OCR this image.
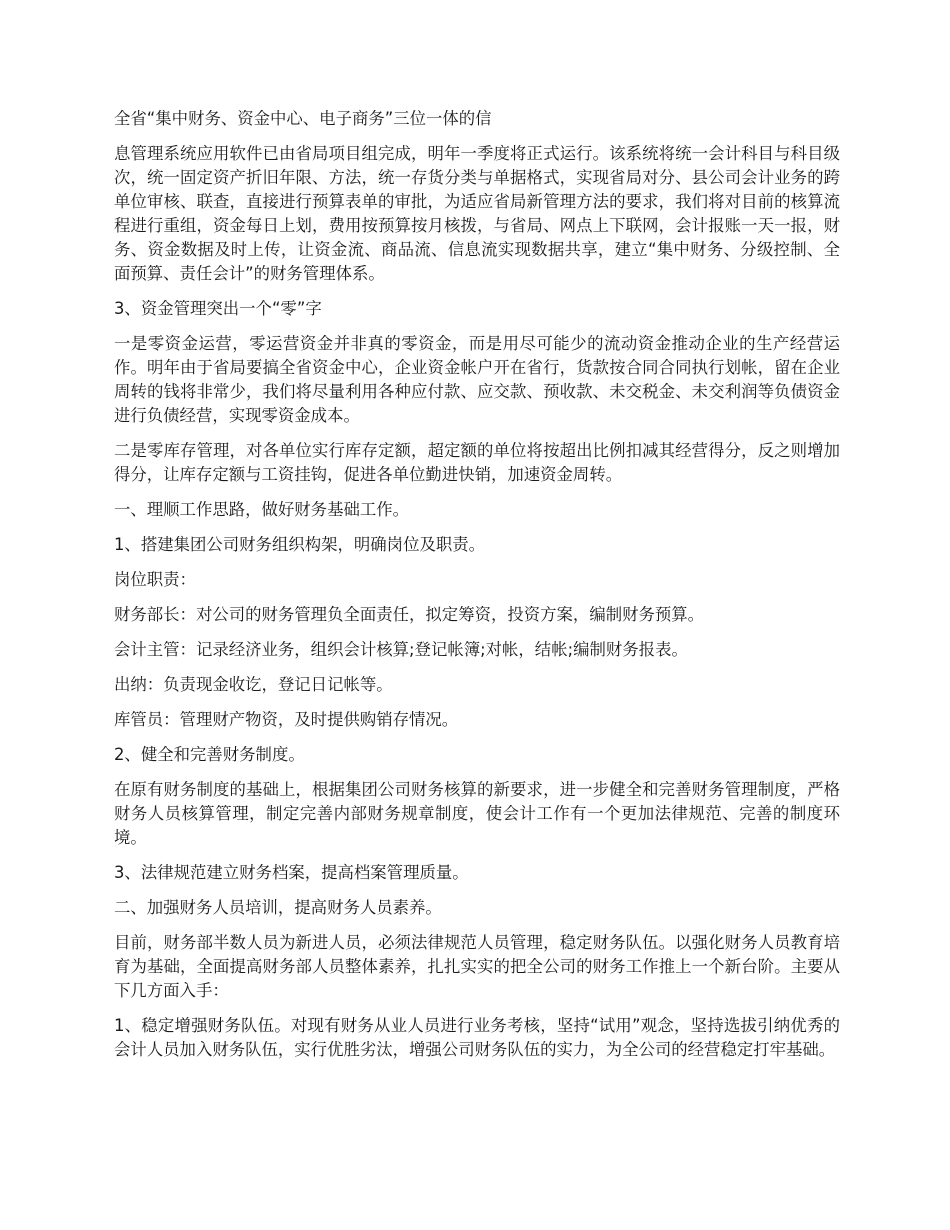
全省“集中财务、资金中心、电子商务”三位一体的信

息管理系统应用软件已由省局项目组完成，明年一季度将正式运行。该系统将统一会计科目与科目级次，统一固定资产折旧年限、方法，统一存货分类与单据格式，实现省局对分、县公司会计业务的跨单位审核、联查，直接进行预算表单的审批，为适应省局新管理方法的要求，我们将对目前的核算流程进行重组，资金每日上划，费用按预算按月核拨，与省局、网点上下联网，会计报账一天一报，财务、资金数据及时上传，让资金流、商品流、信息流实现数据共享，建立“集中财务、分级控制、全面预算、责任会计”的财务管理体系。

3、资金管理突出一个“零”字

一是零资金运营，零运营资金并非真的零资金，而是用尽可能少的流动资金推动企业的生产经营运作。明年由于省局要搞全省资金中心，企业资金帐户开在省行，货款按合同合同执行划帐，留在企业周转的钱将非常少，我们将尽量利用各种应付款、应交款、预收款、未交税金、未交利润等负债资金进行负债经营，实现零资金成本。

二是零库存管理，对各单位实行库存定额，超定额的单位将按超出比例扣减其经营得分，反之则增加得分，让库存定额与工资挂钩，促进各单位勤进快销，加速资金周转。

一、理顺工作思路，做好财务基础工作。

1、搭建集团公司财务组织构架，明确岗位及职责。

岗位职责：

财务部长：对公司的财务管理负全面责任，拟定筹资，投资方案，编制财务预算。

会计主管：记录经济业务，组织会计核算;登记帐簿;对帐，结帐;编制财务报表。

出纳：负责现金收讫，登记日记帐等。

库管员：管理财产物资，及时提供购销存情况。

2、健全和完善财务制度。

在原有财务制度的基础上，根据集团公司财务核算的新要求，进一步健全和完善财务管理制度，严格财务人员核算管理，制定完善内部财务规章制度，使会计工作有一个更加法律规范、完善的制度环境。

3、法律规范建立财务档案，提高档案管理质量。

二、加强财务人员培训，提高财务人员素养。

目前，财务部半数人员为新进人员，必须法律规范人员管理，稳定财务队伍。以强化财务人员教育培育为基础，全面提高财务部人员整体素养，扎扎实实的把全公司的财务工作推上一个新台阶。主要从下几方面入手：

1、稳定增强财务队伍。对现有财务从业人员进行业务考核，坚持“试用”观念，坚持选拔引纳优秀的会计人员加入财务队伍，实行优胜劣汰，增强公司财务队伍的实力，为全公司的经营稳定打牢基础。
